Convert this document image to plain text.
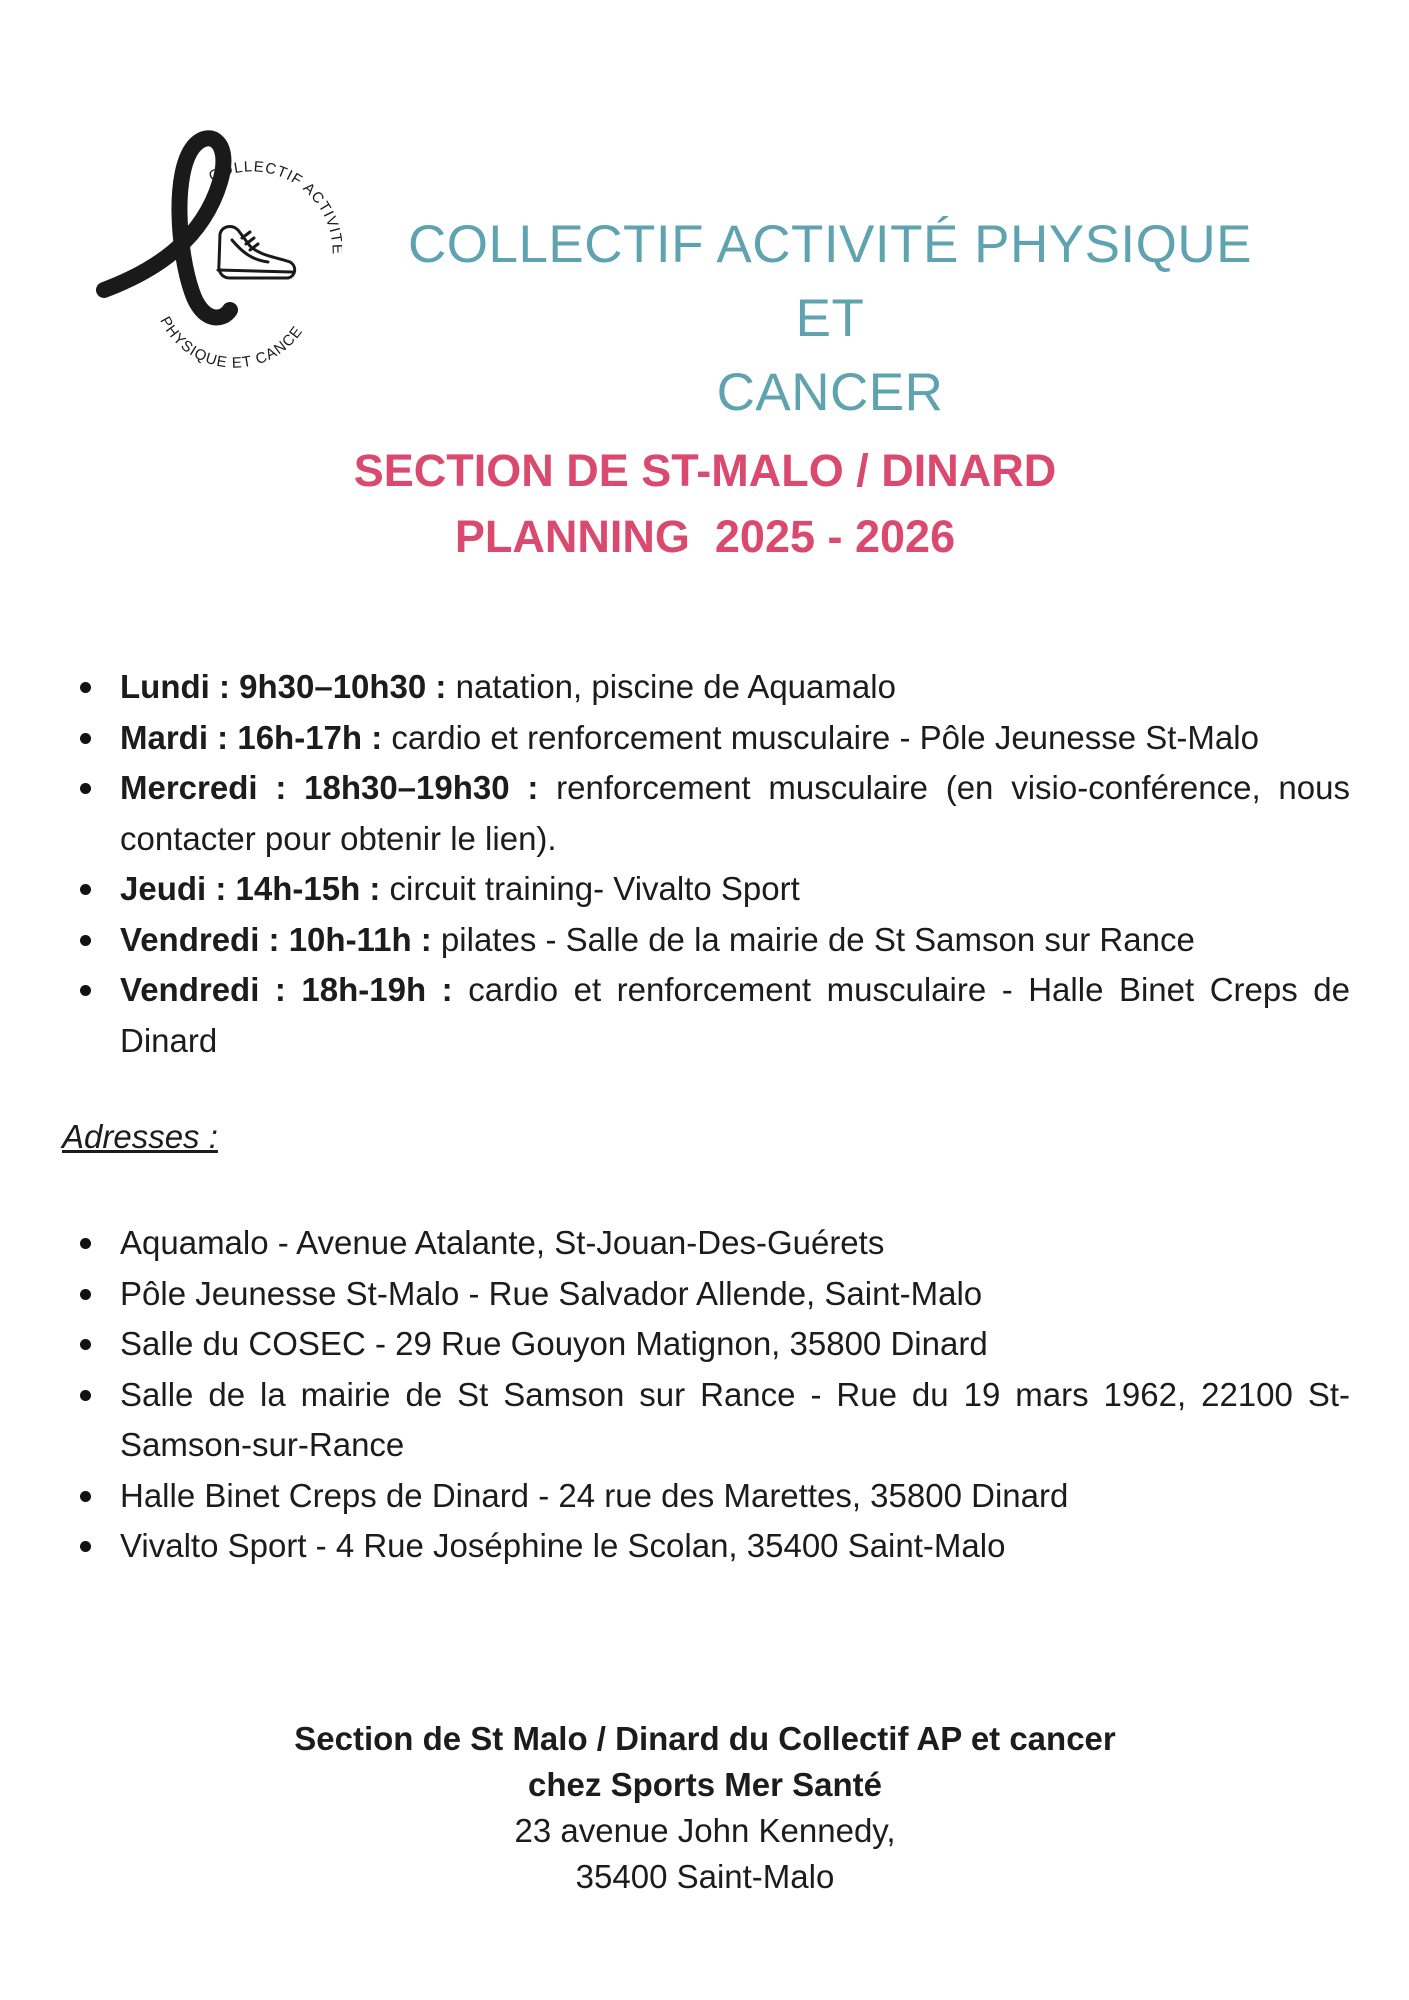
COLLECTIF ACTIVI
PHYSIQUE ET CANCE
COLLECTIF ACTIVITÉ PHYSIQUE ET
CANCER
SECTION DE ST-MALO / DINARD
PLANNING  2025 - 2026
Lundi : 9h30–10h30 : natation, piscine de Aquamalo
Mardi : 16h-17h : cardio et renforcement musculaire - Pôle Jeunesse St-Malo
Mercredi : 18h30–19h30 : renforcement musculaire (en visio-conférence, nous contacter pour obtenir le lien).
Jeudi : 14h-15h : circuit training- Vivalto Sport
Vendredi : 10h-11h : pilates - Salle de la mairie de St Samson sur Rance
Vendredi : 18h-19h : cardio et renforcement musculaire - Halle Binet Creps de Dinard
Adresses :
Aquamalo - Avenue Atalante, St-Jouan-Des-Guérets
Pôle Jeunesse St-Malo - Rue Salvador Allende, Saint-Malo
Salle du COSEC - 29 Rue Gouyon Matignon, 35800 Dinard
Salle de la mairie de St Samson sur Rance - Rue du 19 mars 1962, 22100 St-Samson-sur-Rance
Halle Binet Creps de Dinard - 24 rue des Marettes, 35800 Dinard
Vivalto Sport - 4 Rue Joséphine le Scolan, 35400 Saint-Malo
Section de St Malo / Dinard du Collectif AP et cancer
chez Sports Mer Santé
23 avenue John Kennedy,
35400 Saint-Malo
